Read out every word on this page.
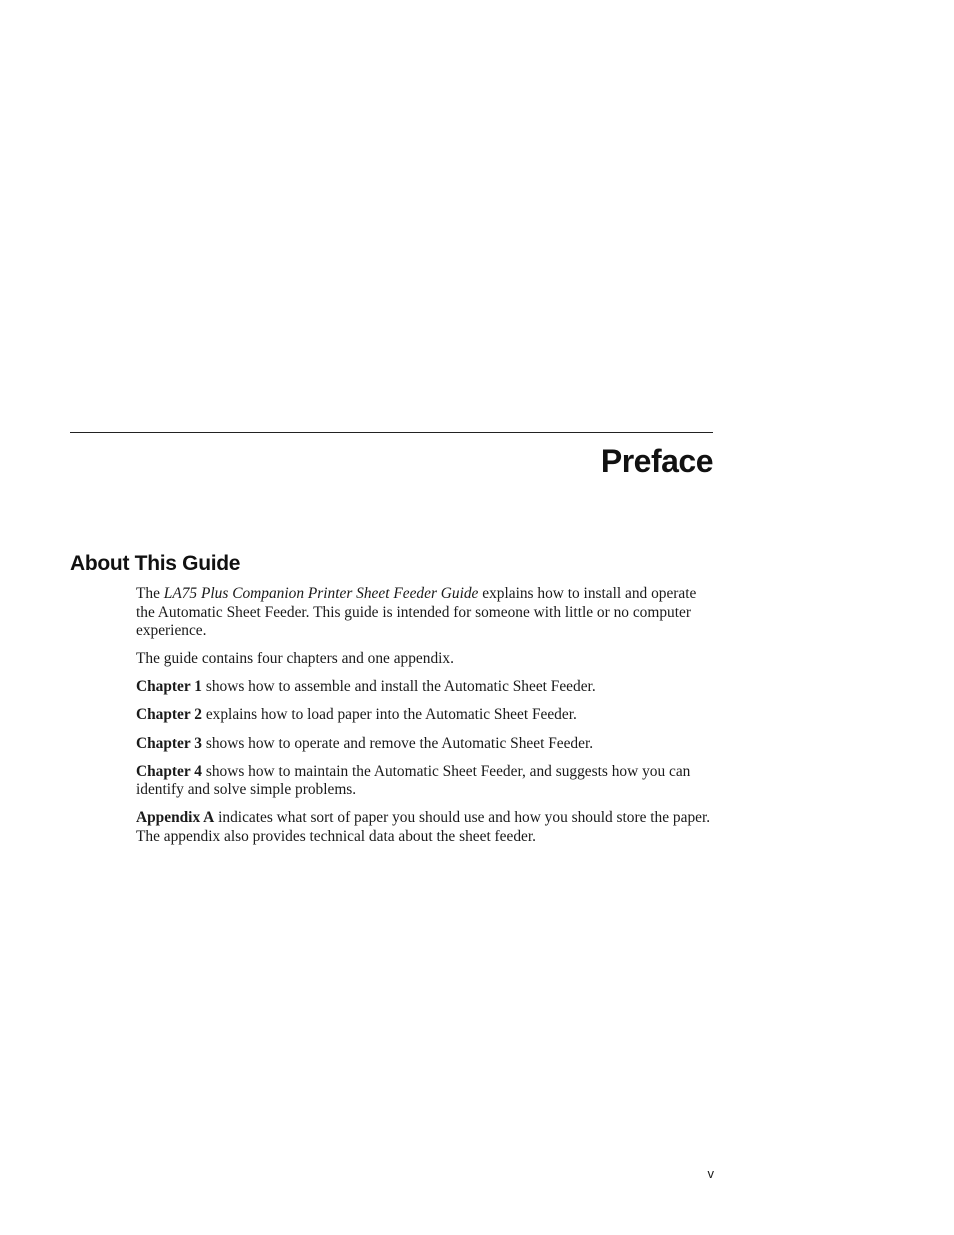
Preface
About This Guide

The LA75 Plus Companion Printer Sheet Feeder Guide explains how to install and operate the Automatic Sheet Feeder. This guide is intended for someone with little or no computer experience.

The guide contains four chapters and one appendix.

Chapter 1 shows how to assemble and install the Automatic Sheet Feeder.

Chapter 2 explains how to load paper into the Automatic Sheet Feeder.

Chapter 3 shows how to operate and remove the Automatic Sheet Feeder.

Chapter 4 shows how to maintain the Automatic Sheet Feeder, and suggests how you can identify and solve simple problems.

Appendix A indicates what sort of paper you should use and how you should store the paper. The appendix also provides technical data about the sheet feeder.

v
